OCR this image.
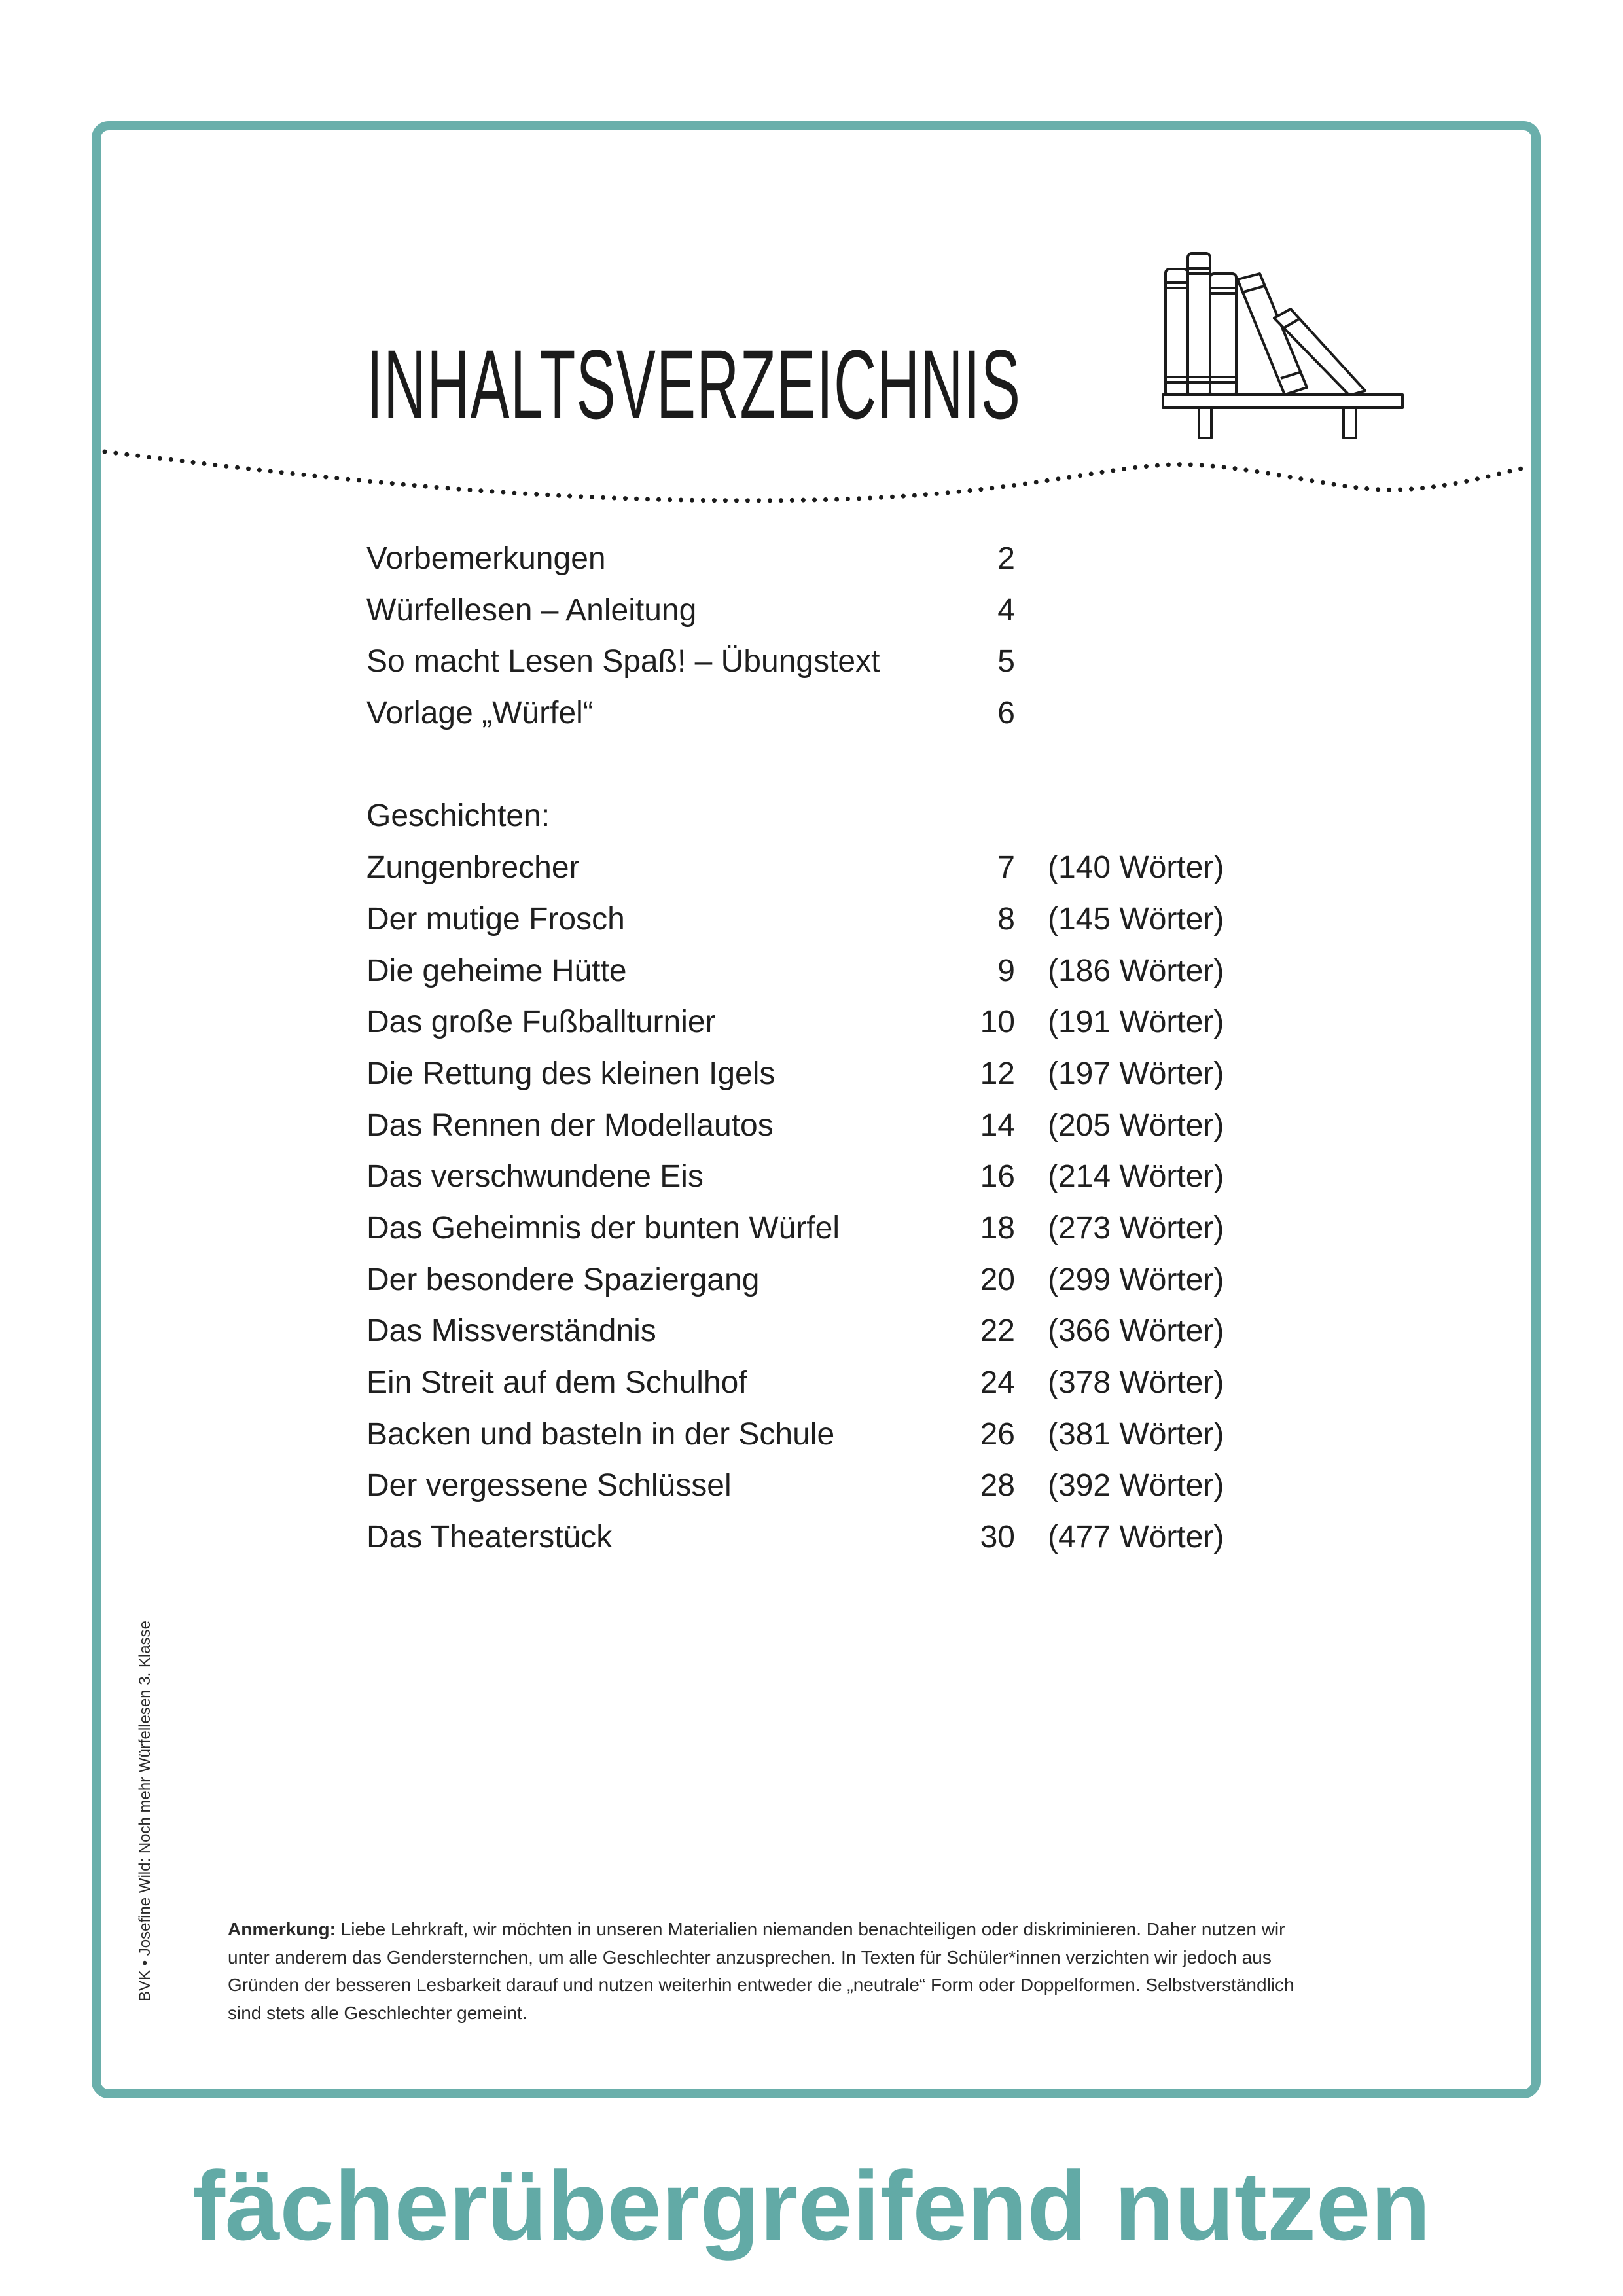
INHALTSVERZEICHNIS
Vorbemerkungen	2
Würfellesen – Anleitung	4
So macht Lesen Spaß! – Übungstext	5
Vorlage „Würfel“	6
Geschichten:
Zungenbrecher	7 (140 Wörter)
Der mutige Frosch	8 (145 Wörter)
Die geheime Hütte	9 (186 Wörter)
Das große Fußballturnier	10 (191 Wörter)
Die Rettung des kleinen Igels	12 (197 Wörter)
Das Rennen der Modellautos	14 (205 Wörter)
Das verschwundene Eis	16 (214 Wörter)
Das Geheimnis der bunten Würfel	18 (273 Wörter)
Der besondere Spaziergang	20 (299 Wörter)
Das Missverständnis	22 (366 Wörter)
Ein Streit auf dem Schulhof	24 (378 Wörter)
Backen und basteln in der Schule	26 (381 Wörter)
Der vergessene Schlüssel	28 (392 Wörter)
Das Theaterstück	30 (477 Wörter)
BVK • Josefine Wild: Noch mehr Würfellesen 3. Klasse	Anmerkung: Liebe Lehrkraft, wir möchten in unseren Materialien niemanden benachteiligen oder diskriminieren. Daher nutzen wir
unter anderem das Gendersternchen, um alle Geschlechter anzusprechen. In Texten für Schüler*innen verzichten wir jedoch aus
Gründen der besseren Lesbarkeit darauf und nutzen weiterhin entweder die „neutrale“ Form oder Doppelformen. Selbstverständlich
sind stets alle Geschlechter gemeint.
fächerübergreifend nutzen
